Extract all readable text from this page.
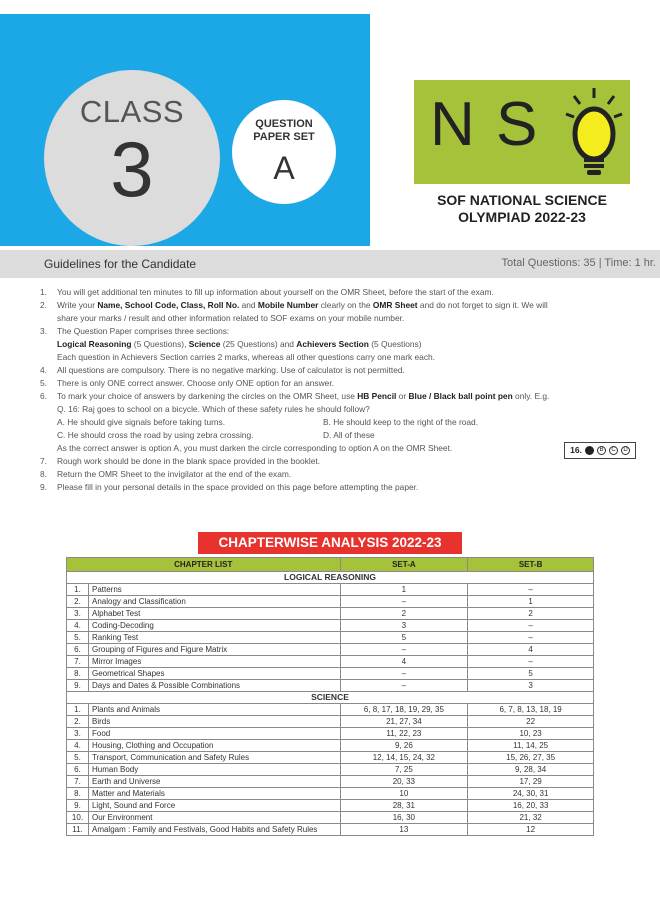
CLASS
3
QUESTION
PAPER SET
A
N S
SOF NATIONAL SCIENCE
OLYMPIAD 2022-23
Guidelines for the Candidate	Total Questions: 35 | Time: 1 hr.
1.	You will get additional ten minutes to fill up information about yourself on the OMR Sheet, before the start of the exam.
2.	Write your Name, School Code, Class, Roll No. and Mobile Number clearly on the OMR Sheet and do not forget to sign it. We will
share your marks / result and other information related to SOF exams on your mobile number.
3.	The Question Paper comprises three sections:
Logical Reasoning (5 Questions), Science (25 Questions) and Achievers Section (5 Questions)
Each question in Achievers Section carries 2 marks, whereas all other questions carry one mark each.
4.	All questions are compulsory. There is no negative marking. Use of calculator is not permitted.
5.	There is only ONE correct answer. Choose only ONE option for an answer.
6.	To mark your choice of answers by darkening the circles on the OMR Sheet, use HB Pencil or Blue / Black ball point pen only. E.g.
Q. 16: Raj goes to school on a bicycle. Which of these safety rules he should follow?
A. He should give signals before taking turns.	B. He should keep to the right of the road.
C. He should cross the road by using zebra crossing.	D. All of these
As the correct answer is option A, you must darken the circle corresponding to option A on the OMR Sheet.	16.	B	C	D
7.	Rough work should be done in the blank space provided in the booklet.
8.	Return the OMR Sheet to the invigilator at the end of the exam.
9.	Please fill in your personal details in the space provided on this page before attempting the paper.
CHAPTERWISE ANALYSIS 2022-23
CHAPTER LIST		SET-A	SET-B
LOGICAL REASONING			
1.	Patterns	1	–
2.	Analogy and Classification	–	1
3.	Alphabet Test	2	2
4.	Coding-Decoding	3	–
5.	Ranking Test	5	–
6.	Grouping of Figures and Figure Matrix	–	4
7.	Mirror Images	4	–
8.	Geometrical Shapes	–	5
9.	Days and Dates & Possible Combinations	–	3
SCIENCE			
1.	Plants and Animals	6, 8, 17, 18, 19, 29, 35	6, 7, 8, 13, 18, 19
2.	Birds	21, 27, 34	22
3.	Food	11, 22, 23	10, 23
4.	Housing, Clothing and Occupation	9, 26	11, 14, 25
5.	Transport, Communication and Safety Rules	12, 14, 15, 24, 32	15, 26, 27, 35
6.	Human Body	7, 25	9, 28, 34
7.	Earth and Universe	20, 33	17, 29
8.	Matter and Materials	10	24, 30, 31
9.	Light, Sound and Force	28, 31	16, 20, 33
10.	Our Environment	16, 30	21, 32
11.	Amalgam : Family and Festivals, Good Habits and Safety Rules	13	12
